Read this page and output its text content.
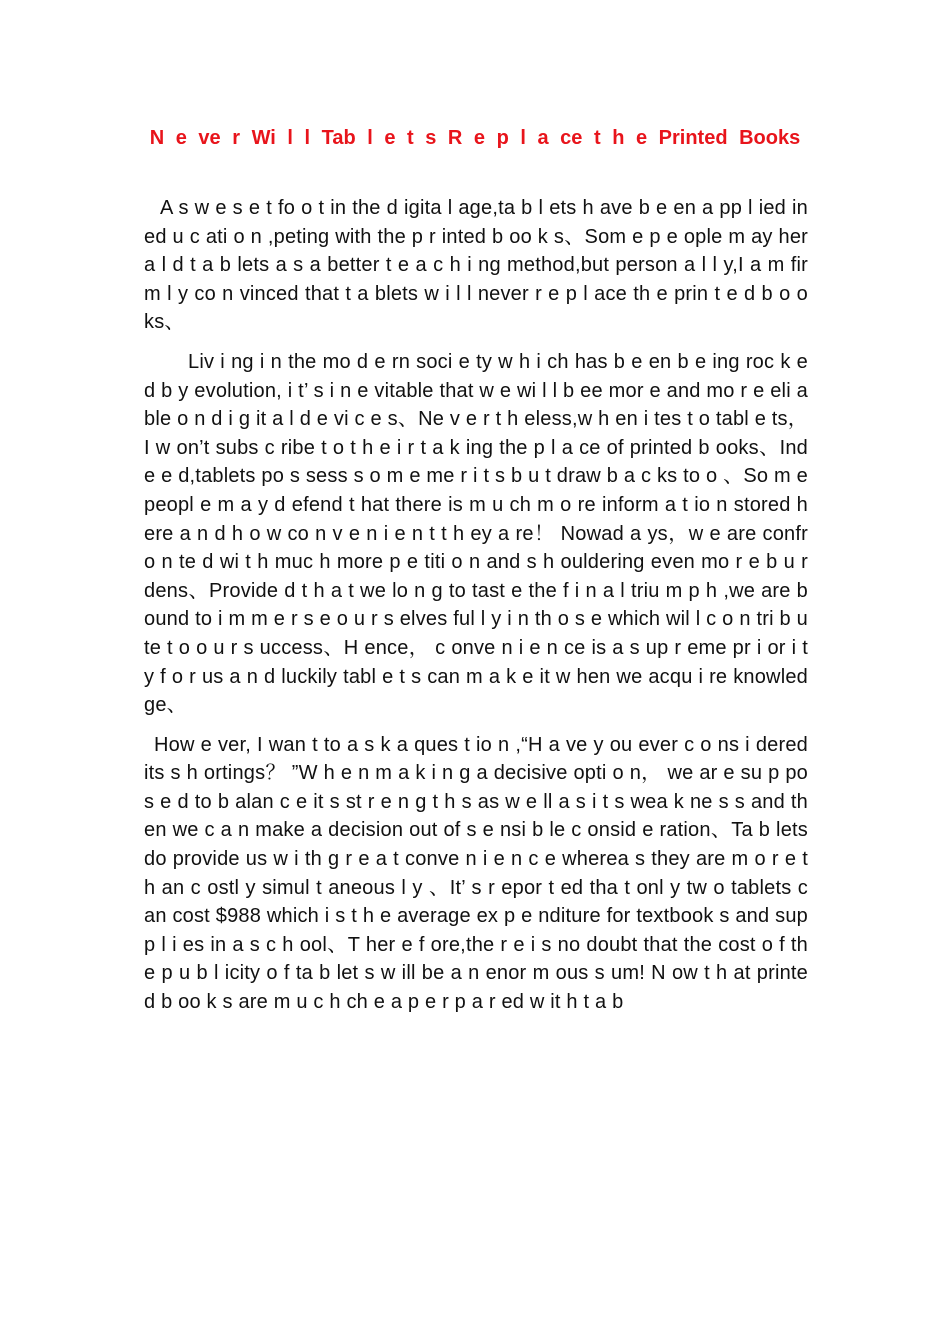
N e ve r Wi l l Tab l e t s R e p l a ce t h e Printed Books

A s w e s e t fo o t in the d igita l age,ta b l ets h ave b e en a pp l ied in ed u c ati o n ,peting with the p r inted b oo k s、Som e p e ople m ay hera l d t a b lets a s a better t e a c h i ng method,but person a l l y,I a m firm l y co n vinced that t a blets w i l l never r e p l ace th e prin t e d b o o ks、

Liv i ng i n the mo d e rn soci e ty w h i ch has b e en b e ing roc k ed b y evolution, i t’ s i n e vitable that w e wi l l b ee mor e and mo r e eli a ble o n d i g it a l d e vi c e s、Ne v e r t h eless,w h en i tes t o tabl e ts，I w on’t subs c ribe t o t h e i r t a k ing the p l a ce of printed b ooks、Ind e e d,tablets po s sess s o m e me r i t s b u t draw b a c ks to o 、So m e peopl e m a y d efend t hat there is m u ch m o re inform a t io n stored h ere a n d h o w co n v e n i e n t t h ey a re！ Nowad a ys，w e are confro n te d wi t h muc h more p e titi o n and s h ouldering even mo r e b u r dens、Provide d t h a t we lo n g to tast e the f i n a l triu m p h ,we are b ound to i m m e r s e o u r s elves ful l y i n th o s e which wil l c o n tri b ute t o o u r s uccess、H ence， c onve n i e n ce is a s up r eme pr i or i t y f o r us a n d luckily tabl e t s can m a k e it w hen we acqu i re knowledge、

How e ver, I wan t to a s k a ques t io n ,“H a ve y ou ever c o ns i dered its s h ortings？ ”W h e n m a k i n g a decisive opti o n， we ar e su p po s e d to b alan c e it s st r e n g t h s as w e ll a s i t s wea k ne s s and then we c a n make a decision out of s e nsi b le c onsid e ration、Ta b lets do provide us w i th g r e a t conve n i e n c e wherea s they are m o r e t h an c ostl y simul t aneous l y 、It’ s r epor t ed tha t onl y tw o tablets c an cost $988 which i s t h e average ex p e nditure for textbook s and supp l i es in a s c h ool、T her e f ore,the r e i s no doubt that the cost o f the p u b l icity o f ta b let s w ill be a n enor m ous s um! N ow t h at printed b oo k s are m u c h ch e a p e r p a r ed w it h t a b
